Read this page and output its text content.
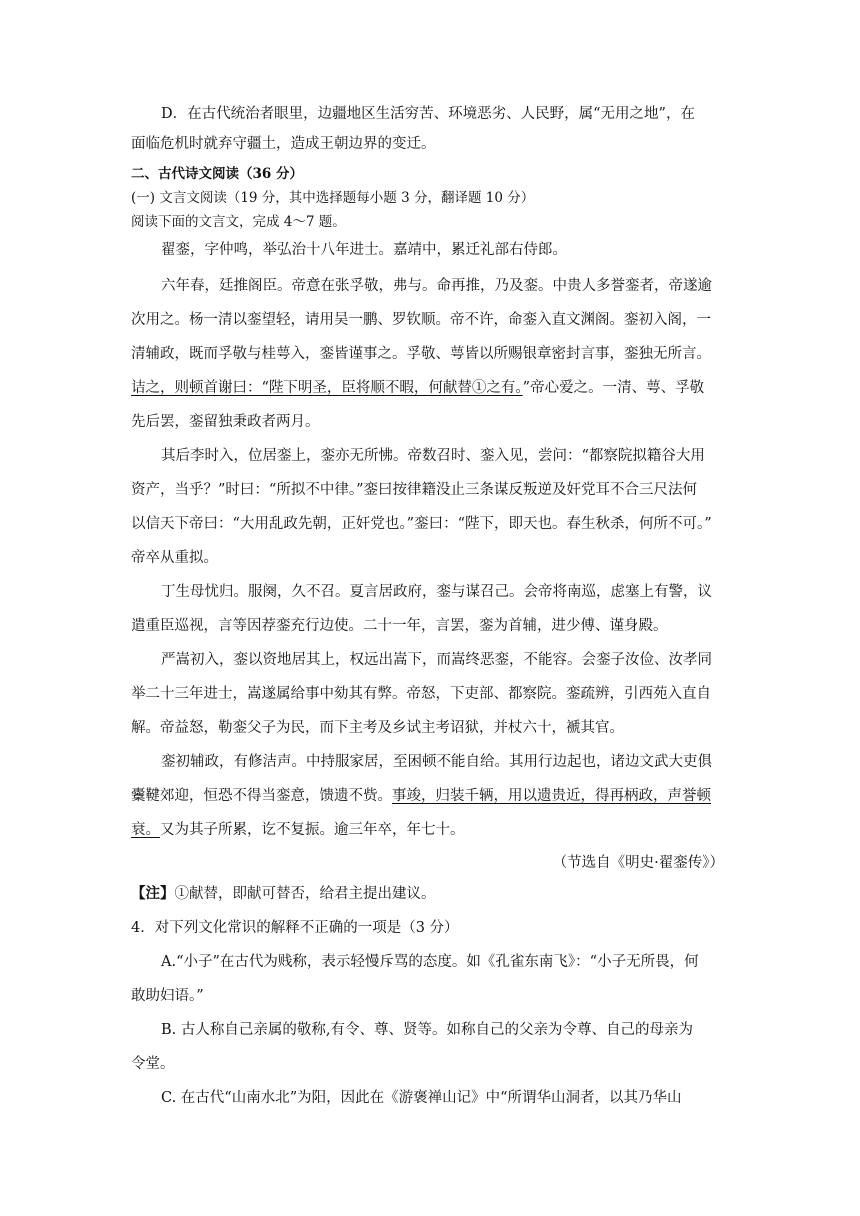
D．在古代统治者眼里，边疆地区生活穷苦、环境恶劣、人民野，属“无用之地”，在
面临危机时就弃守疆土，造成王朝边界的变迁。
二、古代诗文阅读（36 分）
(一) 文言文阅读（19 分，其中选择题每小题 3 分，翻译题 10 分）
阅读下面的文言文，完成 4～7 题。
翟銮，字仲鸣，举弘治十八年进士。嘉靖中，累迁礼部右侍郎。
六年春，廷推阁臣。帝意在张孚敬，弗与。命再推，乃及銮。中贵人多誉銮者，帝遂逾
次用之。杨一清以銮望轻，请用吴一鹏、罗钦顺。帝不许，命銮入直文渊阁。銮初入阁，一
清辅政，既而孚敬与桂萼入，銮皆谨事之。孚敬、萼皆以所赐银章密封言事，銮独无所言。
诘之，则顿首谢曰：“陛下明圣，臣将顺不暇，何献替①之有。”帝心爱之。一清、萼、孚敬
先后罢，銮留独秉政者两月。
其后李时入，位居銮上，銮亦无所怫。帝数召时、銮入见，尝问：“都察院拟籍谷大用
资产，当乎？”时曰：“所拟不中律。”銮曰按律籍没止三条谋反叛逆及奸党耳不合三尺法何
以信天下帝曰：“大用乱政先朝，正奸党也。”銮曰：“陛下，即天也。春生秋杀，何所不可。”
帝卒从重拟。
丁生母忧归。服阕，久不召。夏言居政府，銮与谋召己。会帝将南巡，虑塞上有警，议
遣重臣巡视，言等因荐銮充行边使。二十一年，言罢，銮为首辅，进少傅、谨身殿。
严嵩初入，銮以资地居其上，权远出嵩下，而嵩终恶銮，不能容。会銮子汝俭、汝孝同
举二十三年进士，嵩遂属给事中劾其有弊。帝怒，下吏部、都察院。銮疏辨，引西苑入直自
解。帝益怒，勒銮父子为民，而下主考及乡试主考诏狱，并杖六十，褫其官。
銮初辅政，有修洁声。中持服家居，至困顿不能自给。其用行边起也，诸边文武大吏俱
櫜鞬郊迎，恒恐不得当銮意，馈遗不赀。事竣，归装千辆，用以遗贵近，得再柄政，声誉顿
衰。又为其子所累，讫不复振。逾三年卒，年七十。
（节选自《明史·翟銮传》）
【注】①献替，即献可替否，给君主提出建议。
4．对下列文化常识的解释不正确的一项是（3 分）
A.“小子”在古代为贱称，表示轻慢斥骂的态度。如《孔雀东南飞》：“小子无所畏，何
敢助妇语。”
B. 古人称自己亲属的敬称,有令、尊、贤等。如称自己的父亲为令尊、自己的母亲为
令堂。
C. 在古代“山南水北”为阳，因此在《游褒禅山记》中“所谓华山洞者，以其乃华山
